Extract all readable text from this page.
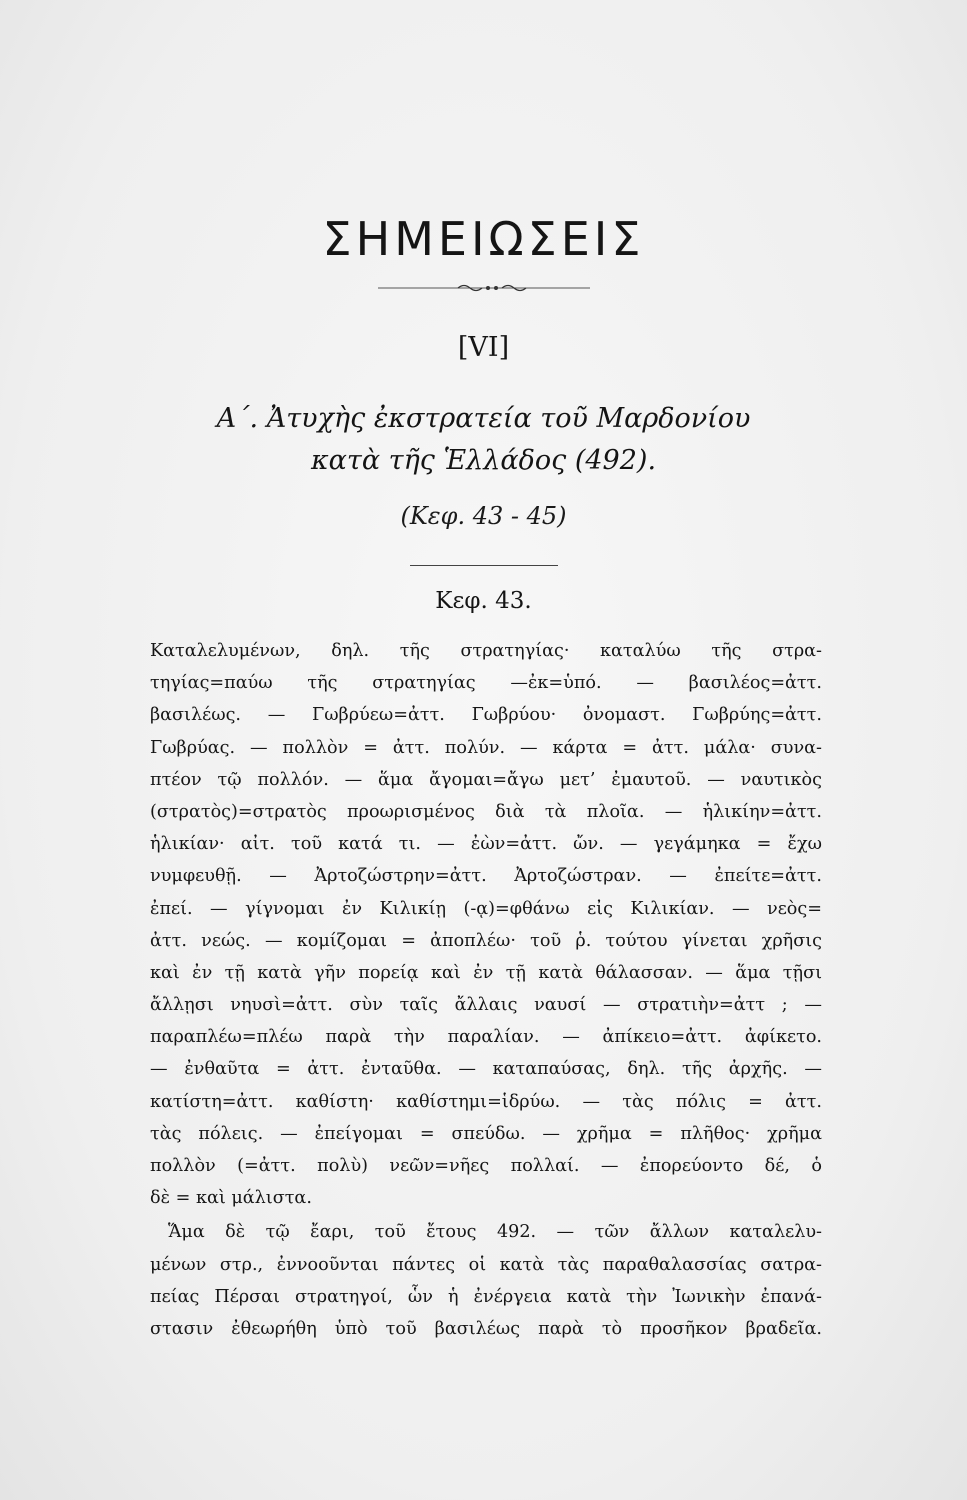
ΣΗΜΕΙΩΣΕΙΣ
[VI]
Α΄. Ἀτυχὴς ἐκστρατεία τοῦ Μαρδονίου
κατὰ τῆς Ἑλλάδος (492).
(Κεφ. 43 - 45)
Κεφ. 43.
Καταλελυμένων, δηλ. τῆς στρατηγίας· καταλύω τῆς στρα-
τηγίας=παύω τῆς στρατηγίας —ἐκ=ὑπό. — βασιλέος=ἀττ.
βασιλέως. — Γωβρύεω=ἀττ. Γωβρύου· ὀνομαστ. Γωβρύης=ἀττ.
Γωβρύας. — πολλὸν = ἀττ. πολύν. — κάρτα = ἀττ. μάλα· συνα-
πτέον τῷ πολλόν. — ἅμα ἄγομαι=ἄγω μετ’ ἐμαυτοῦ. — ναυτικὸς
(στρατὸς)=στρατὸς προωρισμένος διὰ τὰ πλοῖα. — ἡλικίην=ἀττ.
ἡλικίαν· αἰτ. τοῦ κατά τι. — ἐὼν=ἀττ. ὤν. — γεγάμηκα = ἔχω
νυμφευθῇ. — Ἀρτοζώστρην=ἀττ. Ἀρτοζώστραν. — ἐπείτε=ἀττ.
ἐπεί. — γίγνομαι ἐν Κιλικίῃ (-ᾳ)=φθάνω εἰς Κιλικίαν. — νεὸς=
ἀττ. νεώς. — κομίζομαι = ἀποπλέω· τοῦ ῥ. τούτου γίνεται χρῆσις
καὶ ἐν τῇ κατὰ γῆν πορείᾳ καὶ ἐν τῇ κατὰ θάλασσαν. — ἅμα τῇσι
ἄλλῃσι νηυσὶ=ἀττ. σὺν ταῖς ἄλλαις ναυσί — στρατιὴν=ἀττ ; —
παραπλέω=πλέω παρὰ τὴν παραλίαν. — ἀπίκειο=ἀττ. ἀφίκετο.
— ἐνθαῦτα = ἀττ. ἐνταῦθα. — καταπαύσας, δηλ. τῆς ἀρχῆς. —
κατίστη=ἀττ. καθίστη· καθίστημι=ἱδρύω. — τὰς πόλις = ἀττ.
τὰς πόλεις. — ἐπείγομαι = σπεύδω. — χρῆμα = πλῆθος· χρῆμα
πολλὸν (=ἀττ. πολὺ) νεῶν=νῆες πολλαί. — ἐπορεύοντο δέ, ὁ
δὲ = καὶ μάλιστα.
Ἅμα δὲ τῷ ἔαρι, τοῦ ἔτους 492. — τῶν ἄλλων καταλελυ-
μένων στρ., ἐννοοῦνται πάντες οἱ κατὰ τὰς παραθαλασσίας σατρα-
πείας Πέρσαι στρατηγοί, ὧν ἡ ἐνέργεια κατὰ τὴν Ἰωνικὴν ἐπανά-
στασιν ἐθεωρήθη ὑπὸ τοῦ βασιλέως παρὰ τὸ προσῆκον βραδεῖα.
